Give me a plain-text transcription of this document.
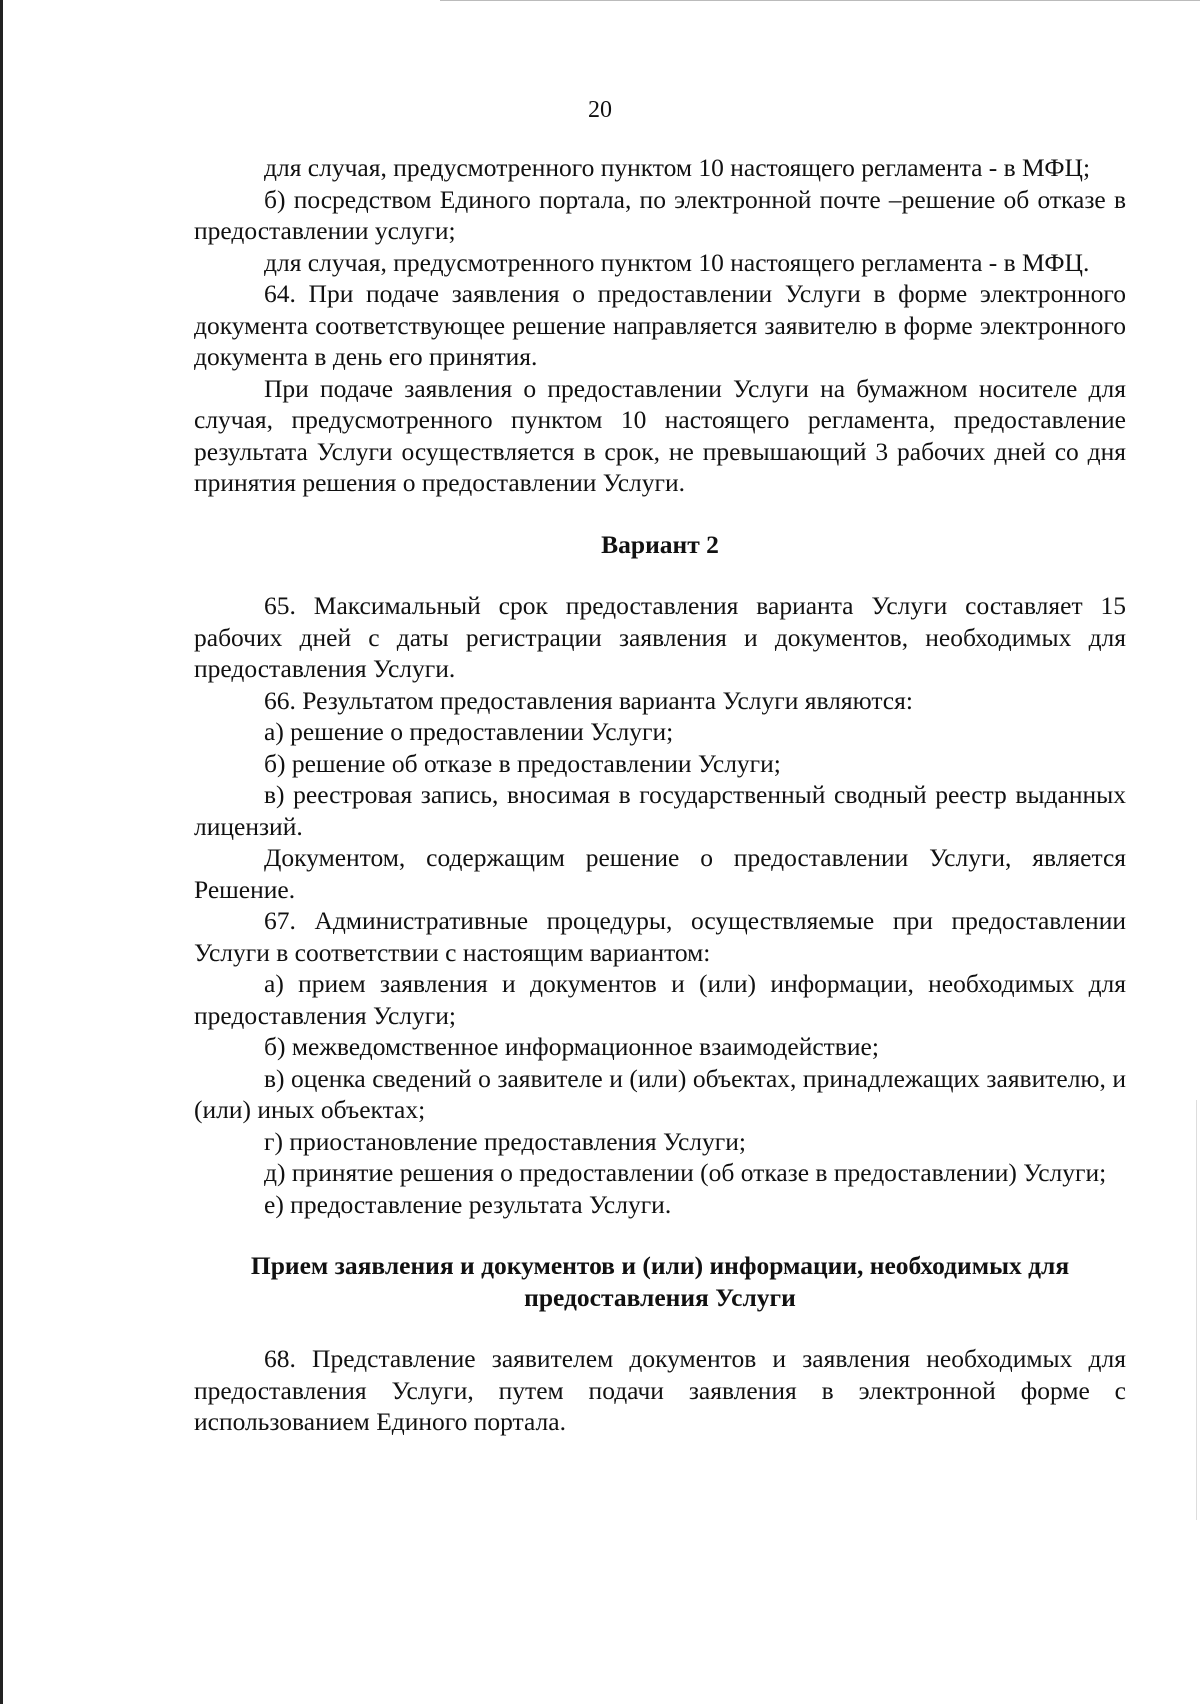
20

для случая, предусмотренного пунктом 10 настоящего регламента - в МФЦ;

б) посредством Единого портала, по электронной почте –решение об отказе в предоставлении услуги;

для случая, предусмотренного пунктом 10 настоящего регламента - в МФЦ.

64. При подаче заявления о предоставлении Услуги в форме электронного документа соответствующее решение направляется заявителю в форме электронного документа в день его принятия.

При подаче заявления о предоставлении Услуги на бумажном носителе для случая, предусмотренного пунктом 10 настоящего регламента, предоставление результата Услуги осуществляется в срок, не превышающий 3 рабочих дней со дня принятия решения о предоставлении Услуги.

Вариант 2

65. Максимальный срок предоставления варианта Услуги составляет 15 рабочих дней с даты регистрации заявления и документов, необходимых для предоставления Услуги.

66. Результатом предоставления варианта Услуги являются:

а) решение о предоставлении Услуги;

б) решение об отказе в предоставлении Услуги;

в) реестровая запись, вносимая в государственный сводный реестр выданных лицензий.

Документом, содержащим решение о предоставлении Услуги, является Решение.

67. Административные процедуры, осуществляемые при предоставлении Услуги в соответствии с настоящим вариантом:

а) прием заявления и документов и (или) информации, необходимых для предоставления Услуги;

б) межведомственное информационное взаимодействие;

в) оценка сведений о заявителе и (или) объектах, принадлежащих заявителю, и (или) иных объектах;

г) приостановление предоставления Услуги;

д) принятие решения о предоставлении (об отказе в предоставлении) Услуги;

е) предоставление результата Услуги.

Прием заявления и документов и (или) информации, необходимых для

предоставления Услуги

68. Представление заявителем документов и заявления необходимых для предоставления Услуги, путем подачи заявления в электронной форме с использованием Единого портала.
